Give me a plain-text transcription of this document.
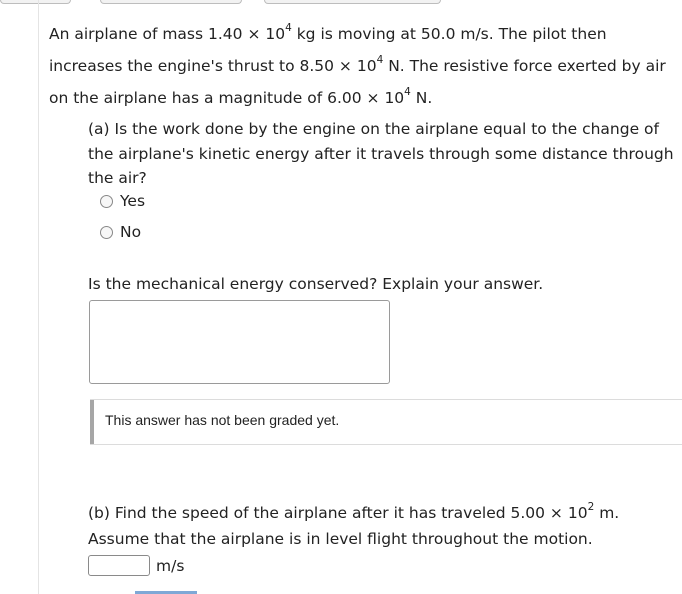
An airplane of mass $1.40 \times 10^4$ kg is moving at 50.0 m/s. The pilot then increases the engine's thrust to $8.50 \times 10^4$ N. The resistive force exerted by air on the airplane has a magnitude of $6.00 \times 10^4$ N.
(a) Is the work done by the engine on the airplane equal to the change of the airplane's kinetic energy after it travels through some distance through the air?
Yes
No
Is the mechanical energy conserved? Explain your answer.
This answer has not been graded yet.
(b) Find the speed of the airplane after it has traveled $5.00 \times 10^2$ m. Assume that the airplane is in level flight throughout the motion.
m/s
